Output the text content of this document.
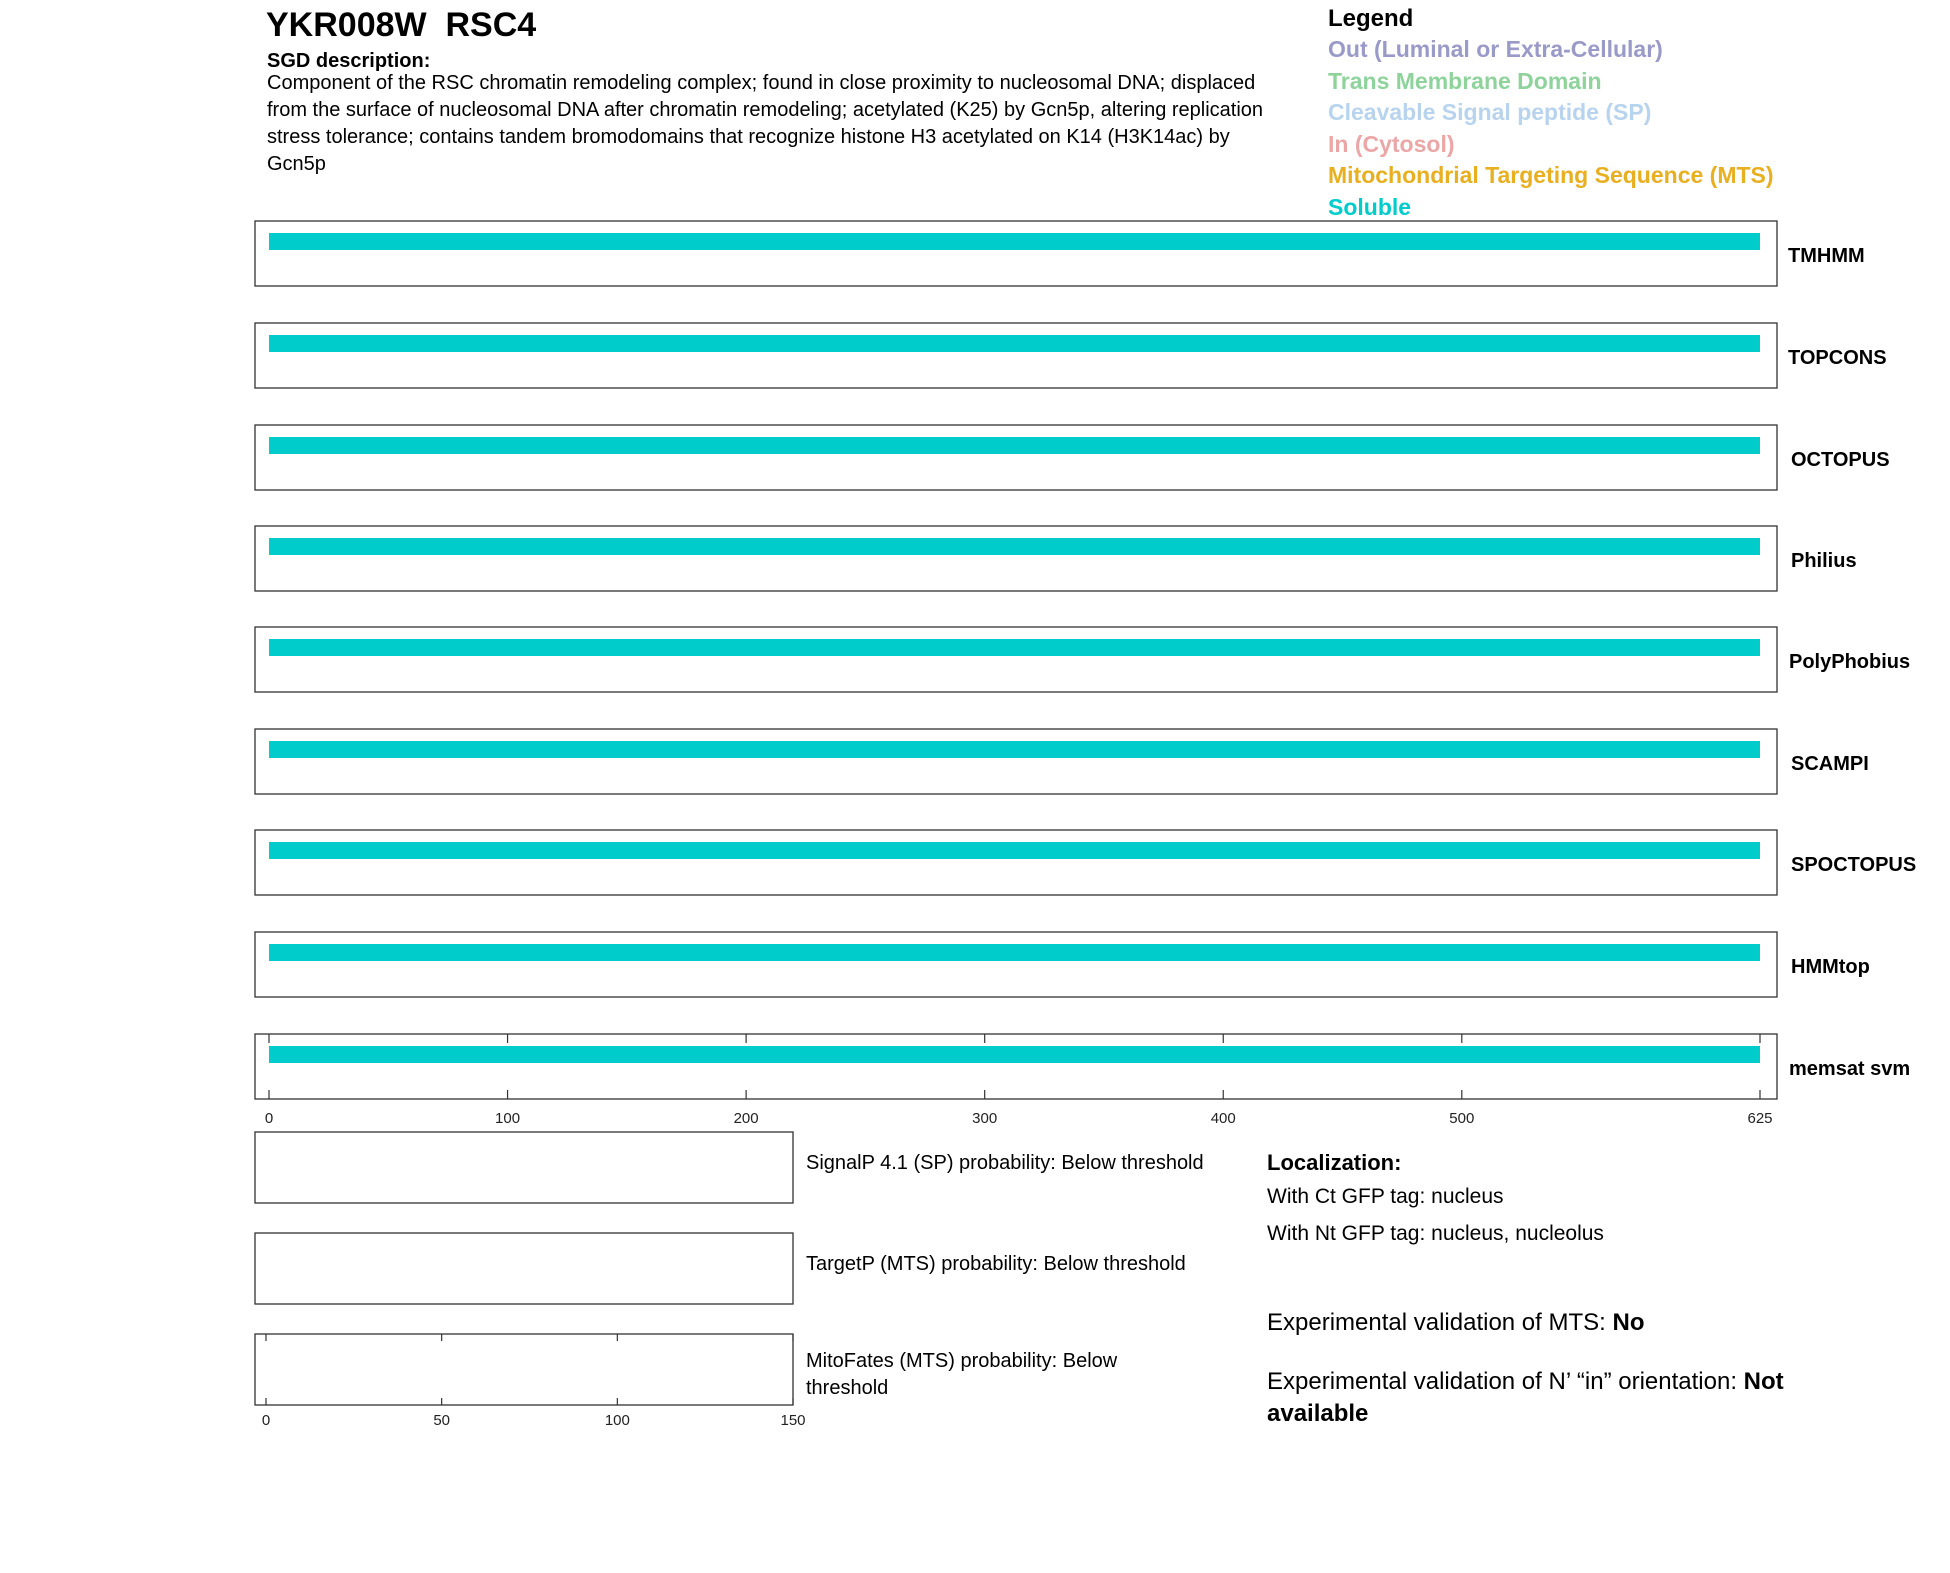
YKR008W  RSC4
SGD description:
Component of the RSC chromatin remodeling complex; found in close proximity to nucleosomal DNA; displaced from the surface of nucleosomal DNA after chromatin remodeling; acetylated (K25) by Gcn5p, altering replication stress tolerance; contains tandem bromodomains that recognize histone H3 acetylated on K14 (H3K14ac) by Gcn5p
Legend
Out (Luminal or Extra-Cellular)
Trans Membrane Domain
Cleavable Signal peptide (SP)
In (Cytosol)
Mitochondrial Targeting Sequence (MTS)
Soluble
TMHMM
TOPCONS
OCTOPUS
Philius
PolyPhobius
SCAMPI
SPOCTOPUS
HMMtop
memsat svm
0	100	200	300	400	500	625
SignalP 4.1 (SP) probability: Below threshold
TargetP (MTS) probability: Below threshold
MitoFates (MTS) probability: Below threshold
0	50	100	150
Localization:
With Ct GFP tag: nucleus
With Nt GFP tag: nucleus, nucleolus
Experimental validation of MTS: No
Experimental validation of N’ “in” orientation: Not available
